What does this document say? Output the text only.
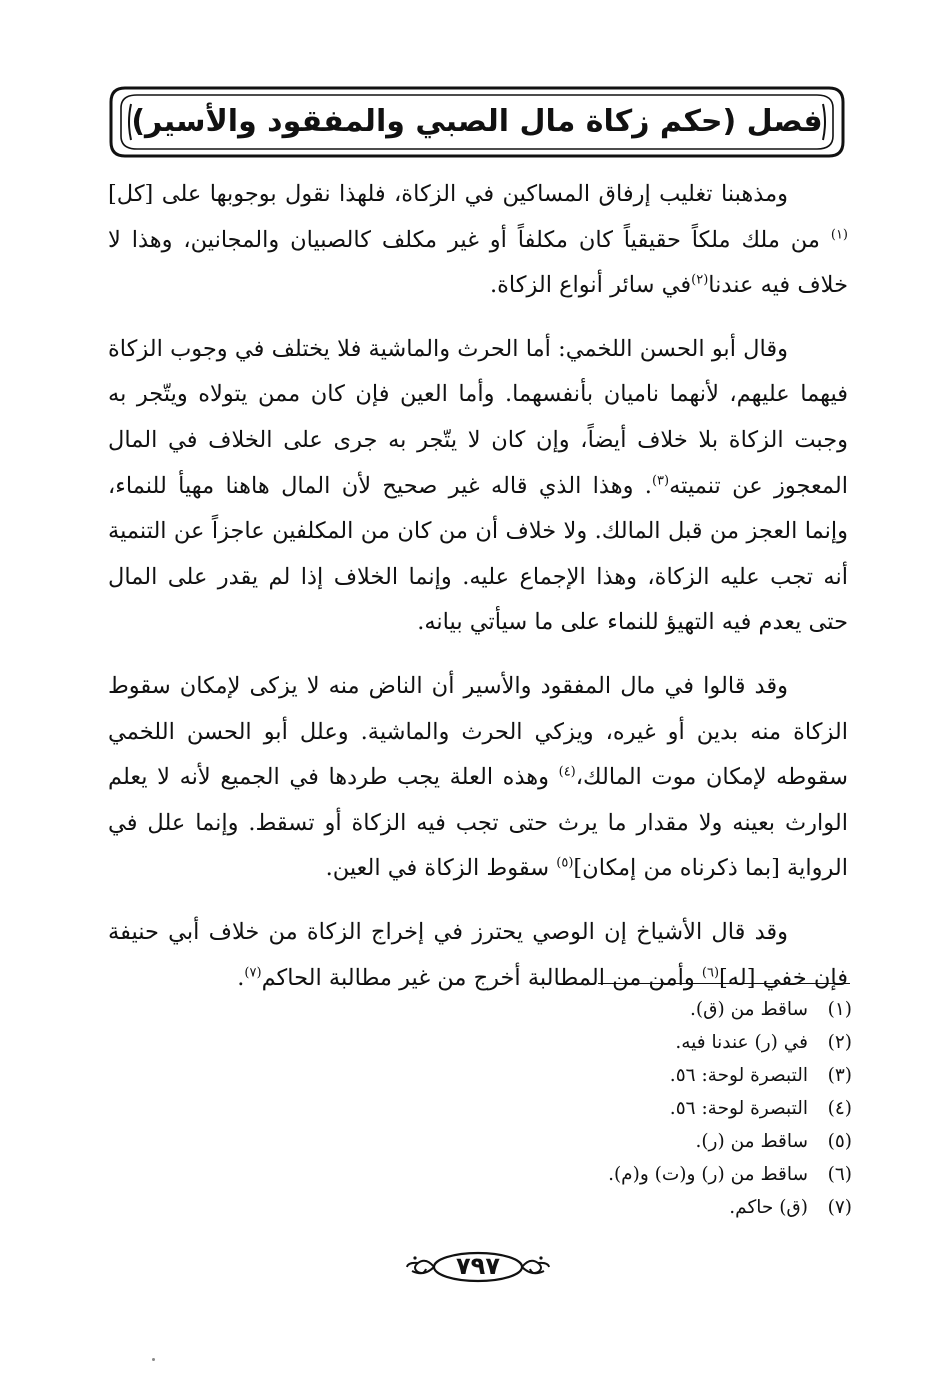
فصل (حكم زكاة مال الصبي والمفقود والأسير)

ومذهبنا تغليب إرفاق المساكين في الزكاة، فلهذا نقول بوجوبها على [كل]$^{(١)}$ من ملك ملكاً حقيقياً كان مكلفاً أو غير مكلف كالصبيان والمجانين، وهذا لا خلاف فيه عندنا$^{(٢)}$في سائر أنواع الزكاة.

وقال أبو الحسن اللخمي: أما الحرث والماشية فلا يختلف في وجوب الزكاة فيهما عليهم، لأنهما ناميان بأنفسهما. وأما العين فإن كان ممن يتولاه ويتّجر به وجبت الزكاة بلا خلاف أيضاً، وإن كان لا يتّجر به جرى على الخلاف في المال المعجوز عن تنميته$^{(٣)}$. وهذا الذي قاله غير صحيح لأن المال هاهنا مهيأ للنماء، وإنما العجز من قبل المالك. ولا خلاف أن من كان من المكلفين عاجزاً عن التنمية أنه تجب عليه الزكاة، وهذا الإجماع عليه. وإنما الخلاف إذا لم يقدر على المال حتى يعدم فيه التهيؤ للنماء على ما سيأتي بيانه.

وقد قالوا في مال المفقود والأسير أن الناض منه لا يزكى لإمكان سقوط الزكاة منه بدين أو غيره، ويزكي الحرث والماشية. وعلل أبو الحسن اللخمي سقوطه لإمكان موت المالك،$^{(٤)}$ وهذه العلة يجب طردها في الجميع لأنه لا يعلم الوارث بعينه ولا مقدار ما يرث حتى تجب فيه الزكاة أو تسقط. وإنما علل في الرواية [بما ذكرناه من إمكان]$^{(٥)}$ سقوط الزكاة في العين.

وقد قال الأشياخ إن الوصي يحترز في إخراج الزكاة من خلاف أبي حنيفة فإن خفي [له]$^{(٦)}$ وأمن من المطالبة أخرج من غير مطالبة الحاكم$^{(٧)}$.

(١)
ساقط من (ق).
(٢)
في (ر) عندنا فيه.
(٣)
التبصرة لوحة: ٥٦.
(٤)
التبصرة لوحة: ٥٦.
(٥)
ساقط من (ر).
(٦)
ساقط من (ر) و(ت) و(م).
(٧)
(ق) حاكم.
٧٩٧
